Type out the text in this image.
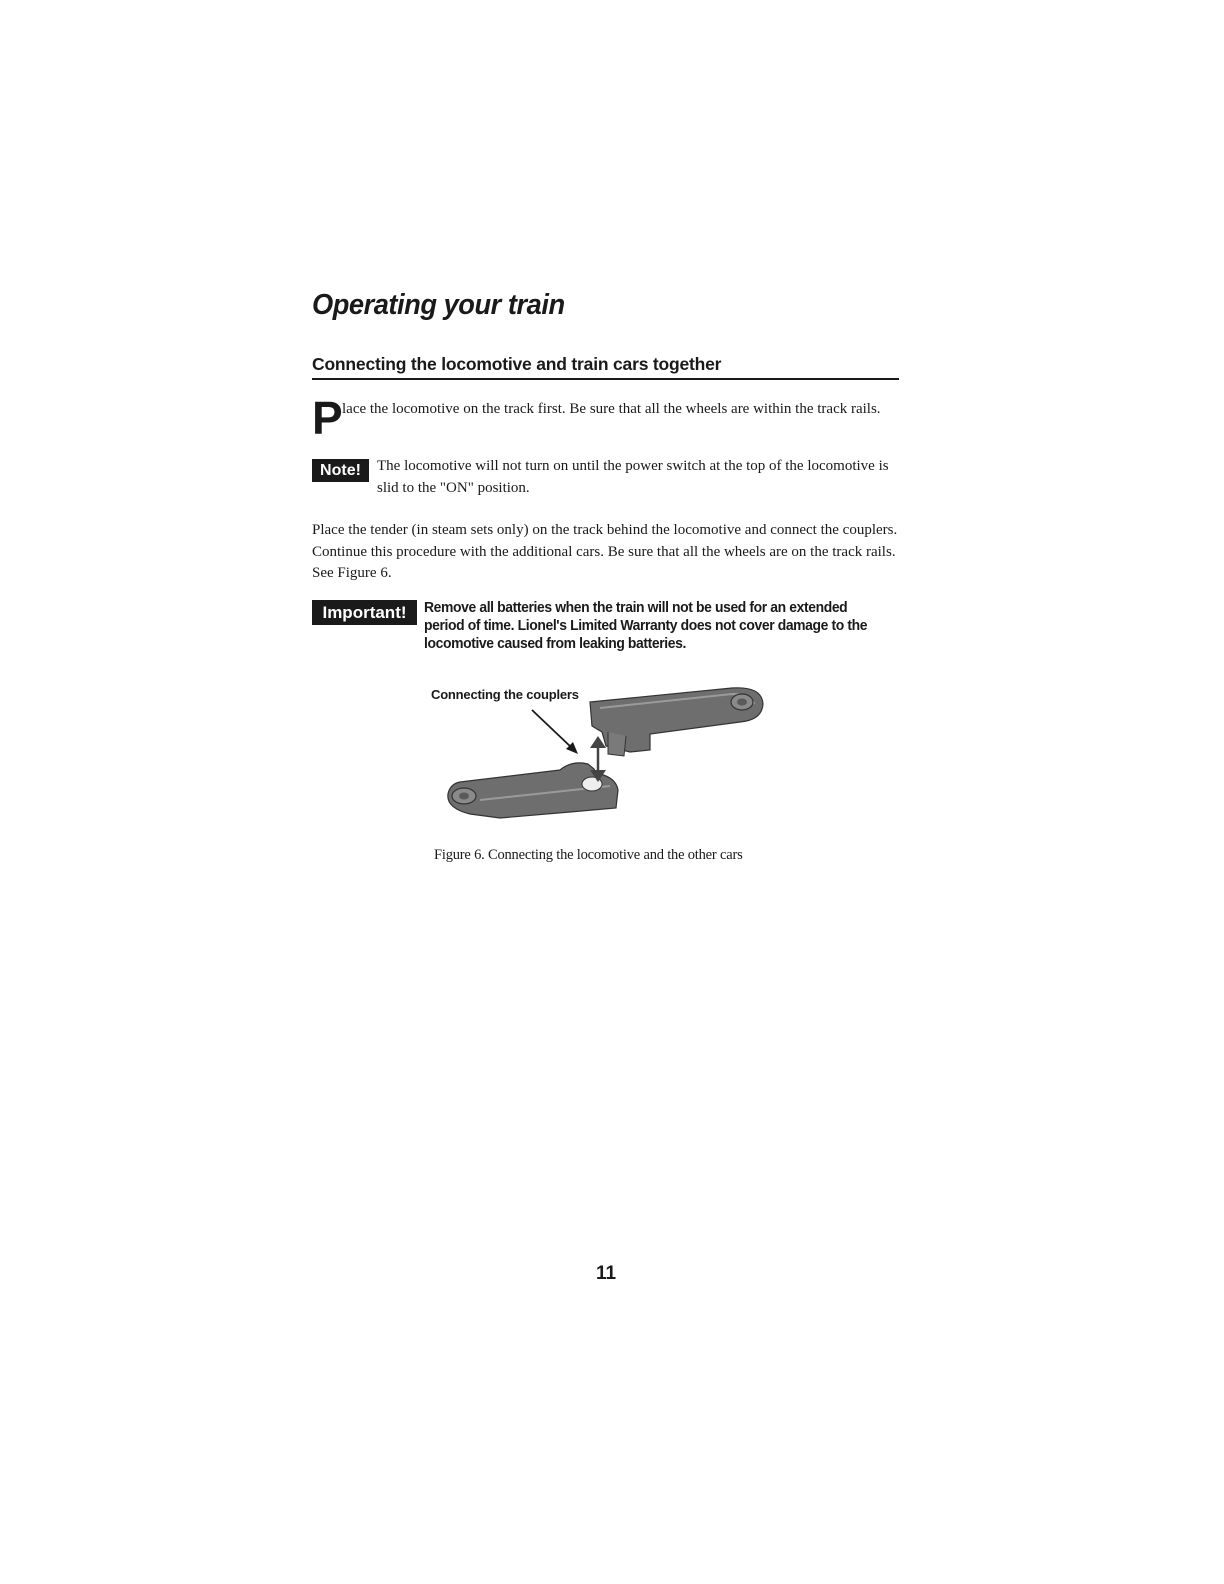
Operating your train
Connecting the locomotive and train cars together
P lace the locomotive on the track first. Be sure that all the wheels are within the track rails.
Note!	The locomotive will not turn on until the power switch at the top of the locomotive is slid to the "ON" position.
Place the tender (in steam sets only) on the track behind the locomotive and connect the couplers. Continue this procedure with the additional cars. Be sure that all the wheels are on the track rails. See Figure 6.
Important!	Remove all batteries when the train will not be used for an extended period of time. Lionel's Limited Warranty does not cover damage to the locomotive caused from leaking batteries.
Connecting the couplers
Figure 6. Connecting the locomotive and the other cars
11
